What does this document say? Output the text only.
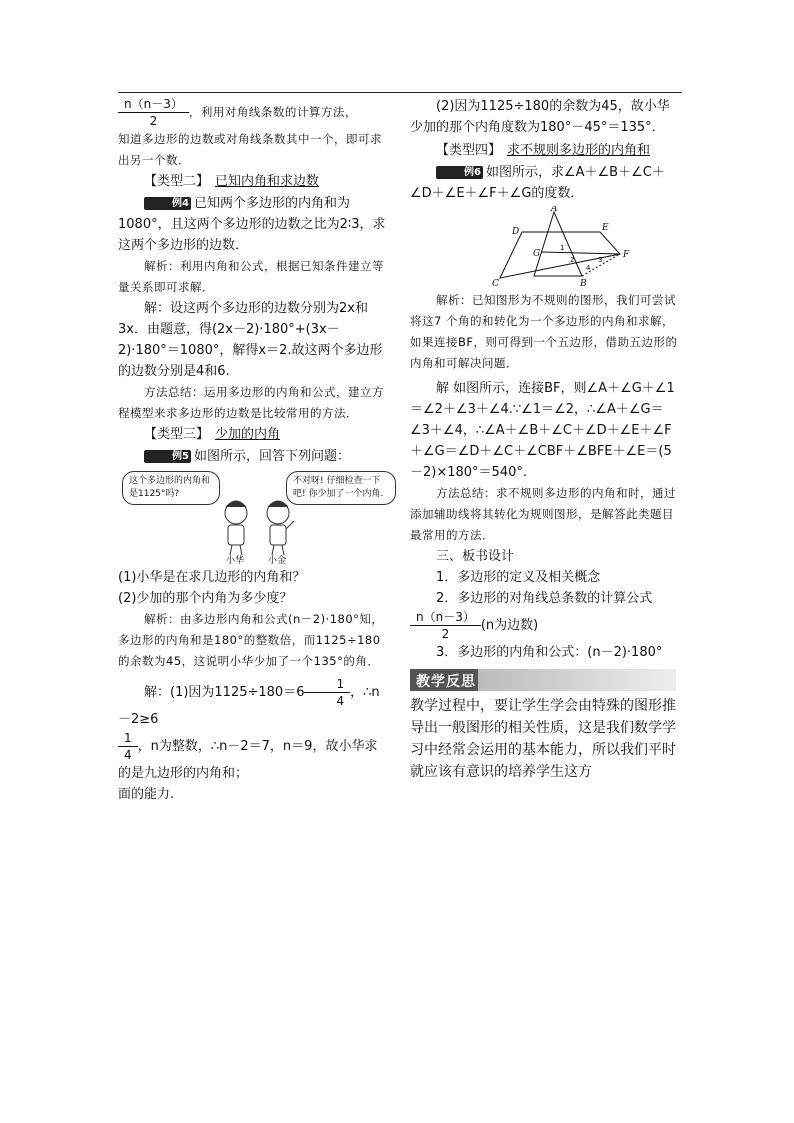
$\frac{n(n-3)}{2}$ ，利用对角线条数的计算方法，

知道多边形的边数或对角线条数其中一个，即可求出另一个数．

【类型二】 已知内角和求边数

例4 已知两个多边形的内角和为1080°，且这两个多边形的边数之比为2∶3，求这两个多边形的边数．

解析：利用内角和公式，根据已知条件建立等量关系即可求解．

解：设这两个多边形的边数分别为2x和3x．由题意，得(2x－2)·180°+(3x－2)·180°＝1080°，解得x＝2.故这两个多边形的边数分别是4和6.

方法总结：运用多边形的内角和公式，建立方程模型来求多边形的边数是比较常用的方法．

【类型三】 少加的内角

例5 如图所示，回答下列问题：

这个多边形的内角和是1125°吗?
不对呀! 仔细检查一下吧! 你少加了一个内角.
小华	小金

(1)小华是在求几边形的内角和？

(2)少加的那个内角为多少度？

解析：由多边形内角和公式(n－2)·180°知，多边形的内角和是180°的整数倍，而1125÷180的余数为45，这说明小华少加了一个135°的角．

解：(1)因为$1125\div 180=6 \frac{1}{4}$ ，∴n－2≥6

$\frac{1}{4}$ ，n为整数，∴n－2＝7，n＝9，故小华求的是九边形的内角和；

面的能力.

(2)因为1125÷180的余数为45，故小华少加的那个内角度数为180°－45°＝135°．

【类型四】 求不规则多边形的内角和

例6 如图所示，求∠A＋∠B＋∠C＋∠D＋∠E＋∠F＋∠G的度数．

A
B
C
D	E
F
G
1
2	3
4

解析：已知图形为不规则的图形，我们可尝试将这7 个角的和转化为一个多边形的内角和求解，如果连接BF，则可得到一个五边形，借助五边形的内角和可解决问题．

解 如图所示，连接BF，则∠A＋∠G＋∠1＝∠2＋∠3＋∠4.∵∠1＝∠2，∴∠A＋∠G＝∠3＋∠4，∴∠A＋∠B＋∠C＋∠D＋∠E＋∠F＋∠G＝∠D＋∠C＋∠CBF＋∠BFE＋∠E＝(5－2)×180°＝540°.

方法总结：求不规则多边形的内角和时，通过添加辅助线将其转化为规则图形，是解答此类题目最常用的方法．

三、板书设计

1．多边形的定义及相关概念

2．多边形的对角线总条数的计算公式

$\frac{n(n-3)}{2} (n$为边数)

3．多边形的内角和公式：(n－2)·180°

教学反思

教学过程中，要让学生学会由特殊的图形推导出一般图形的相关性质，这是我们数学学习中经常会运用的基本能力，所以我们平时就应该有意识的培养学生这方
